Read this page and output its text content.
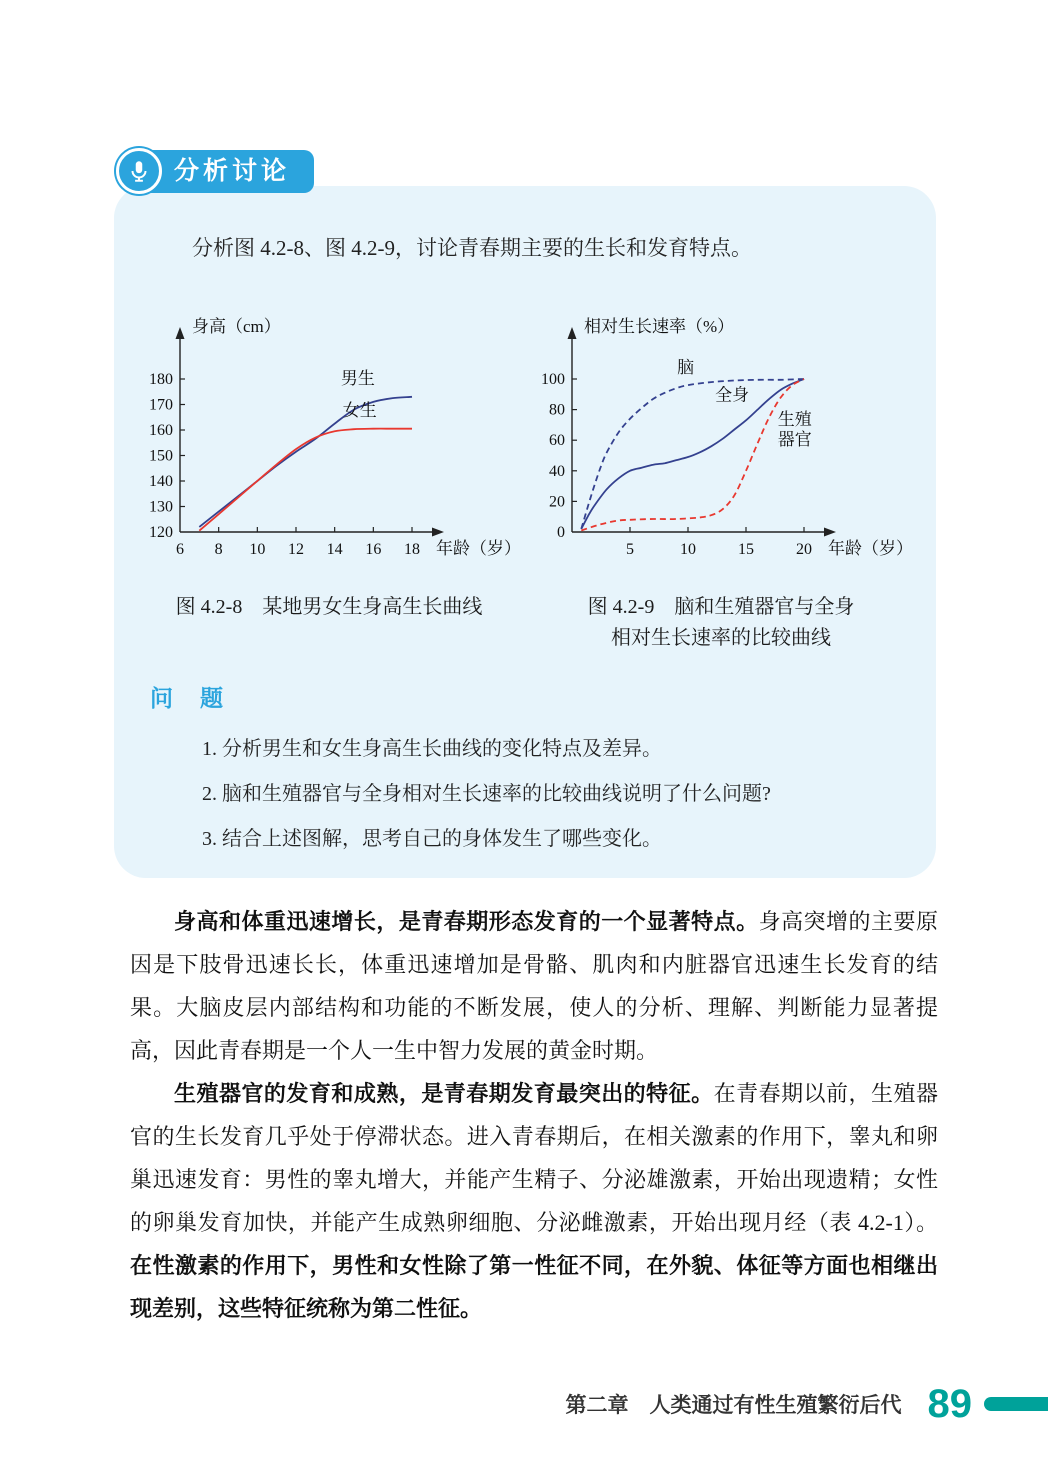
分析讨论

分析图 4.2-8、图 4.2-9，讨论青春期主要的生长和发育特点。

120
130
140
150
160
170
180
6 8 10 12 14 16 18
身高（cm）
年龄（岁）
男生
女生
图 4.2-8　某地男女生身高生长曲线
0
20
40
60
80
100
5	10	15	20
相对生长速率（%）
年龄（岁）
脑
全身
生殖
器官
图 4.2-9　脑和生殖器官与全身
相对生长速率的比较曲线
问　题
1. 分析男生和女生身高生长曲线的变化特点及差异。
2. 脑和生殖器官与全身相对生长速率的比较曲线说明了什么问题?
3. 结合上述图解，思考自己的身体发生了哪些变化。

身高和体重迅速增长，是青春期形态发育的一个显著特点。身高突增的主要原因是下肢骨迅速长长，体重迅速增加是骨骼、肌肉和内脏器官迅速生长发育的结果。大脑皮层内部结构和功能的不断发展，使人的分析、理解、判断能力显著提高，因此青春期是一个人一生中智力发展的黄金时期。

生殖器官的发育和成熟，是青春期发育最突出的特征。在青春期以前，生殖器官的生长发育几乎处于停滞状态。进入青春期后，在相关激素的作用下，睾丸和卵巢迅速发育：男性的睾丸增大，并能产生精子、分泌雄激素，开始出现遗精；女性的卵巢发育加快，并能产生成熟卵细胞、分泌雌激素，开始出现月经（表 4.2-1）。在性激素的作用下，男性和女性除了第一性征不同，在外貌、体征等方面也相继出现差别，这些特征统称为第二性征。

第二章　人类通过有性生殖繁衍后代 89
